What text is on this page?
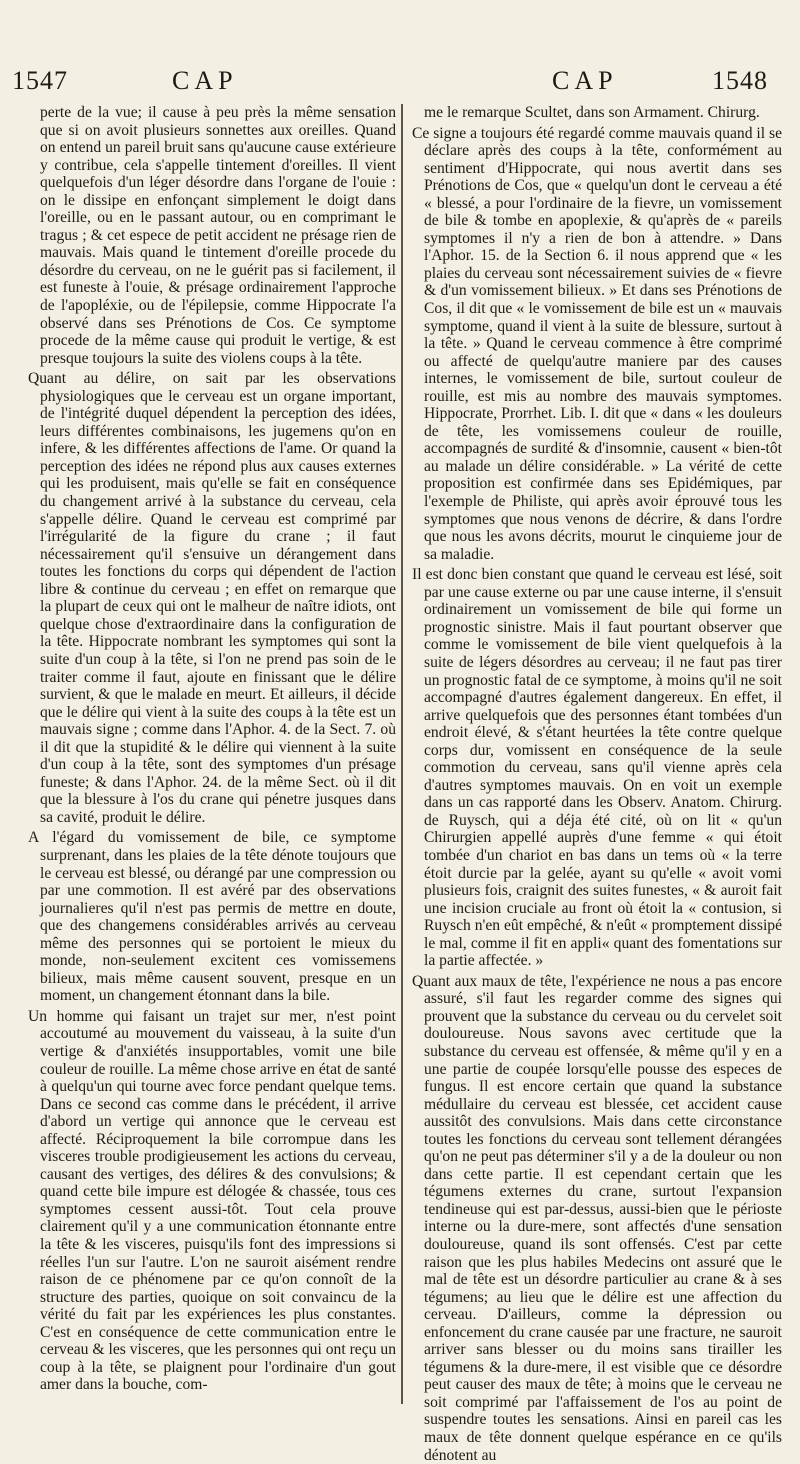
1547	CAP	CAP	1548

perte de la vue; il cause à peu près la même sensation que si on avoit plusieurs sonnettes aux oreilles. Quand on entend un pareil bruit sans qu'aucune cause extérieure y contribue, cela s'appelle tintement d'oreilles. Il vient quelquefois d'un léger désordre dans l'organe de l'ouie : on le dissipe en enfonçant simplement le doigt dans l'oreille, ou en le passant autour, ou en comprimant le tragus ; & cet espece de petit accident ne présage rien de mauvais. Mais quand le tintement d'oreille procede du désordre du cerveau, on ne le guérit pas si facilement, il est funeste à l'ouie, & présage ordinairement l'approche de l'apopléxie, ou de l'épilepsie, comme Hippocrate l'a observé dans ses Prénotions de Cos. Ce symptome procede de la même cause qui produit le vertige, & est presque toujours la suite des violens coups à la tête.

Quant au délire, on sait par les observations physiologiques que le cerveau est un organe important, de l'intégrité duquel dépendent la perception des idées, leurs différentes combinaisons, les jugemens qu'on en infere, & les différentes affections de l'ame. Or quand la perception des idées ne répond plus aux causes externes qui les produisent, mais qu'elle se fait en conséquence du changement arrivé à la substance du cerveau, cela s'appelle délire. Quand le cerveau est comprimé par l'irrégularité de la figure du crane ; il faut nécessairement qu'il s'ensuive un dérangement dans toutes les fonctions du corps qui dépendent de l'action libre & continue du cerveau ; en effet on remarque que la plupart de ceux qui ont le malheur de naître idiots, ont quelque chose d'extraordinaire dans la configuration de la tête. Hippocrate nombrant les symptomes qui sont la suite d'un coup à la tête, si l'on ne prend pas soin de le traiter comme il faut, ajoute en finissant que le délire survient, & que le malade en meurt. Et ailleurs, il décide que le délire qui vient à la suite des coups à la tête est un mauvais signe ; comme dans l'Aphor. 4. de la Sect. 7. où il dit que la stupidité & le délire qui viennent à la suite d'un coup à la tête, sont des symptomes d'un présage funeste; & dans l'Aphor. 24. de la même Sect. où il dit que la blessure à l'os du crane qui pénetre jusques dans sa cavité, produit le délire.

A l'égard du vomissement de bile, ce symptome surprenant, dans les plaies de la tête dénote toujours que le cerveau est blessé, ou dérangé par une compression ou par une commotion. Il est avéré par des observations journalieres qu'il n'est pas permis de mettre en doute, que des changemens considérables arrivés au cerveau même des personnes qui se portoient le mieux du monde, non-seulement excitent ces vomissemens bilieux, mais même causent souvent, presque en un moment, un changement étonnant dans la bile.

Un homme qui faisant un trajet sur mer, n'est point accoutumé au mouvement du vaisseau, à la suite d'un vertige & d'anxiétés insupportables, vomit une bile couleur de rouille. La même chose arrive en état de santé à quelqu'un qui tourne avec force pendant quelque tems. Dans ce second cas comme dans le précédent, il arrive d'abord un vertige qui annonce que le cerveau est affecté. Réciproquement la bile corrompue dans les visceres trouble prodigieusement les actions du cerveau, causant des vertiges, des délires & des convulsions; & quand cette bile impure est délogée & chassée, tous ces symptomes cessent aussi-tôt. Tout cela prouve clairement qu'il y a une communication étonnante entre la tête & les visceres, puisqu'ils font des impressions si réelles l'un sur l'autre. L'on ne sauroit aisément rendre raison de ce phénomene par ce qu'on connoît de la structure des parties, quoique on soit convaincu de la vérité du fait par les expériences les plus constantes. C'est en conséquence de cette communication entre le cerveau & les visceres, que les personnes qui ont reçu un coup à la tête, se plaignent pour l'ordinaire d'un gout amer dans la bouche, com-

me le remarque Scultet, dans son Armament. Chirurg.

Ce signe a toujours été regardé comme mauvais quand il se déclare après des coups à la tête, conformément au sentiment d'Hippocrate, qui nous avertit dans ses Prénotions de Cos, que « quelqu'un dont le cerveau a été « blessé, a pour l'ordinaire de la fievre, un vomissement de bile & tombe en apoplexie, & qu'après de « pareils symptomes il n'y a rien de bon à attendre. » Dans l'Aphor. 15. de la Section 6. il nous apprend que « les plaies du cerveau sont nécessairement suivies de « fievre & d'un vomissement bilieux. » Et dans ses Prénotions de Cos, il dit que « le vomissement de bile est un « mauvais symptome, quand il vient à la suite de blessure, surtout à la tête. » Quand le cerveau commence à être comprimé ou affecté de quelqu'autre maniere par des causes internes, le vomissement de bile, surtout couleur de rouille, est mis au nombre des mauvais symptomes. Hippocrate, Prorrhet. Lib. I. dit que « dans « les douleurs de tête, les vomissemens couleur de rouille, accompagnés de surdité & d'insomnie, causent « bien-tôt au malade un délire considérable. » La vérité de cette proposition est confirmée dans ses Epidémiques, par l'exemple de Philiste, qui après avoir éprouvé tous les symptomes que nous venons de décrire, & dans l'ordre que nous les avons décrits, mourut le cinquieme jour de sa maladie.

Il est donc bien constant que quand le cerveau est lésé, soit par une cause externe ou par une cause interne, il s'ensuit ordinairement un vomissement de bile qui forme un prognostic sinistre. Mais il faut pourtant observer que comme le vomissement de bile vient quelquefois à la suite de légers désordres au cerveau; il ne faut pas tirer un prognostic fatal de ce symptome, à moins qu'il ne soit accompagné d'autres également dangereux. En effet, il arrive quelquefois que des personnes étant tombées d'un endroit élevé, & s'étant heurtées la tête contre quelque corps dur, vomissent en conséquence de la seule commotion du cerveau, sans qu'il vienne après cela d'autres symptomes mauvais. On en voit un exemple dans un cas rapporté dans les Observ. Anatom. Chirurg. de Ruysch, qui a déja été cité, où on lit « qu'un Chirurgien appellé auprès d'une femme « qui étoit tombée d'un chariot en bas dans un tems où « la terre étoit durcie par la gelée, ayant su qu'elle « avoit vomi plusieurs fois, craignit des suites funestes, « & auroit fait une incision cruciale au front où étoit la « contusion, si Ruysch n'en eût empêché, & n'eût « promptement dissipé le mal, comme il fit en appli« quant des fomentations sur la partie affectée. »

Quant aux maux de tête, l'expérience ne nous a pas encore assuré, s'il faut les regarder comme des signes qui prouvent que la substance du cerveau ou du cervelet soit douloureuse. Nous savons avec certitude que la substance du cerveau est offensée, & même qu'il y en a une partie de coupée lorsqu'elle pousse des especes de fungus. Il est encore certain que quand la substance médullaire du cerveau est blessée, cet accident cause aussitôt des convulsions. Mais dans cette circonstance toutes les fonctions du cerveau sont tellement dérangées qu'on ne peut pas déterminer s'il y a de la douleur ou non dans cette partie. Il est cependant certain que les tégumens externes du crane, surtout l'expansion tendineuse qui est par-dessus, aussi-bien que le périoste interne ou la dure-mere, sont affectés d'une sensation douloureuse, quand ils sont offensés. C'est par cette raison que les plus habiles Medecins ont assuré que le mal de tête est un désordre particulier au crane & à ses tégumens; au lieu que le délire est une affection du cerveau. D'ailleurs, comme la dépression ou enfoncement du crane causée par une fracture, ne sauroit arriver sans blesser ou du moins sans tirailler les tégumens & la dure-mere, il est visible que ce désordre peut causer des maux de tête; à moins que le cerveau ne soit comprimé par l'affaissement de l'os au point de suspendre toutes les sensations. Ainsi en pareil cas les maux de tête donnent quelque espérance en ce qu'ils dénotent au
